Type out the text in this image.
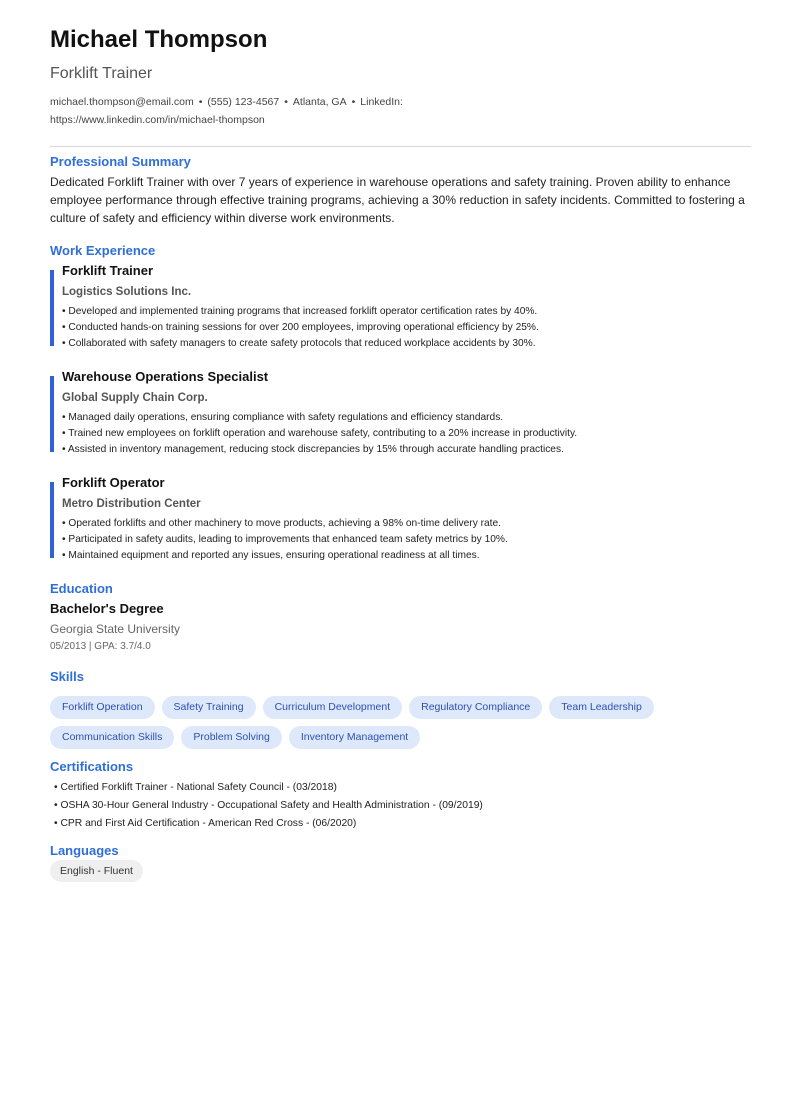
Michael Thompson
Forklift Trainer
michael.thompson@email.com • (555) 123-4567 • Atlanta, GA • LinkedIn:
https://www.linkedin.com/in/michael-thompson
Professional Summary
Dedicated Forklift Trainer with over 7 years of experience in warehouse operations and safety training. Proven ability to enhance employee performance through effective training programs, achieving a 30% reduction in safety incidents. Committed to fostering a culture of safety and efficiency within diverse work environments.
Work Experience
Forklift Trainer
Logistics Solutions Inc.
• Developed and implemented training programs that increased forklift operator certification rates by 40%.
• Conducted hands-on training sessions for over 200 employees, improving operational efficiency by 25%.
• Collaborated with safety managers to create safety protocols that reduced workplace accidents by 30%.
Warehouse Operations Specialist
Global Supply Chain Corp.
• Managed daily operations, ensuring compliance with safety regulations and efficiency standards.
• Trained new employees on forklift operation and warehouse safety, contributing to a 20% increase in productivity.
• Assisted in inventory management, reducing stock discrepancies by 15% through accurate handling practices.
Forklift Operator
Metro Distribution Center
• Operated forklifts and other machinery to move products, achieving a 98% on-time delivery rate.
• Participated in safety audits, leading to improvements that enhanced team safety metrics by 10%.
• Maintained equipment and reported any issues, ensuring operational readiness at all times.
Education
Bachelor's Degree
Georgia State University
05/2013 | GPA: 3.7/4.0
Skills
Forklift Operation	Safety Training	Curriculum Development	Regulatory Compliance	Team Leadership
Communication Skills	Problem Solving	Inventory Management
Certifications
• Certified Forklift Trainer - National Safety Council - (03/2018)
• OSHA 30-Hour General Industry - Occupational Safety and Health Administration - (09/2019)
• CPR and First Aid Certification - American Red Cross - (06/2020)
Languages
English - Fluent
